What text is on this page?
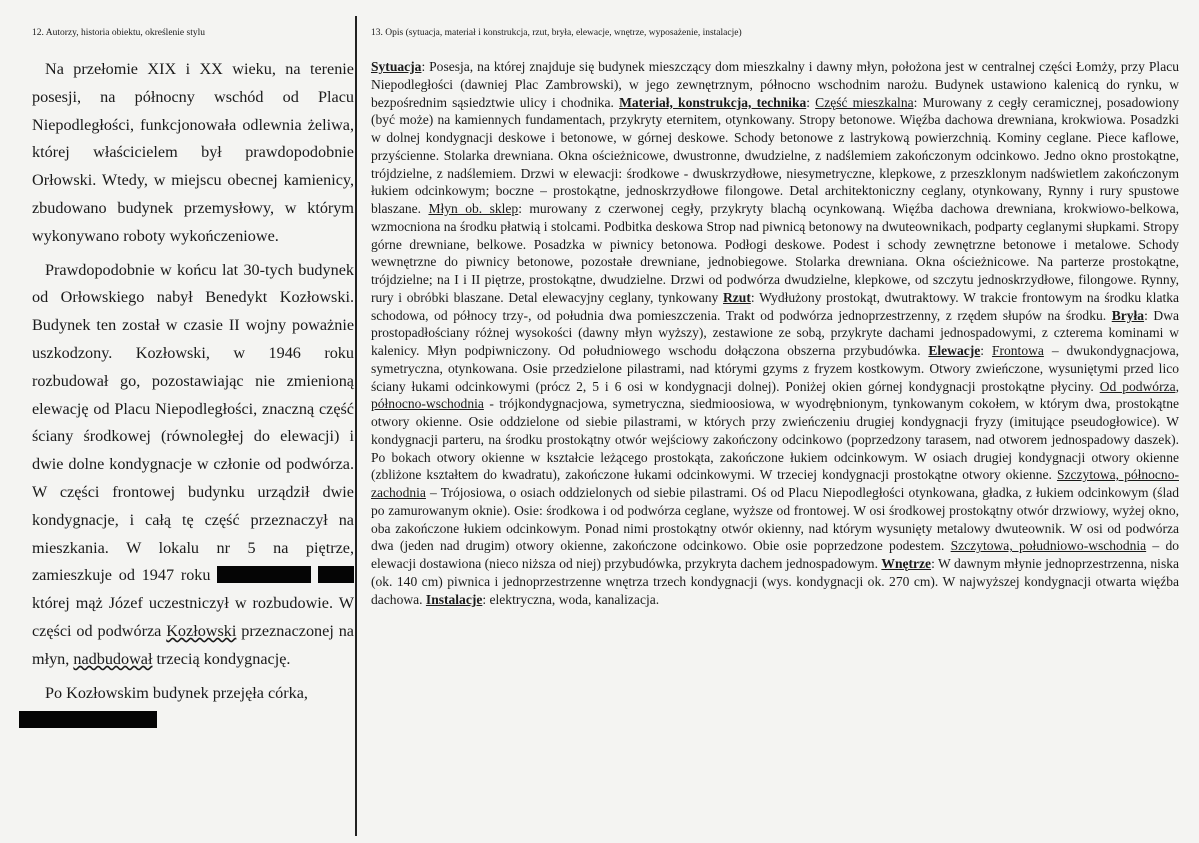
12. Autorzy, historia obiektu, określenie stylu	13. Opis (sytuacja, materiał i konstrukcja, rzut, bryła, elewacje, wnętrze, wyposażenie, instalacje)

Na przełomie XIX i XX wieku, na terenie posesji, na północny wschód od Placu Niepodległości, funkcjonowała odlewnia żeliwa, której właścicielem był prawdopodobnie Orłowski. Wtedy, w miejscu obecnej kamienicy, zbudowano budynek przemysłowy, w którym wykonywano roboty wykończeniowe.

Prawdopodobnie w końcu lat 30-tych budynek od Orłowskiego nabył Benedykt Kozłowski. Budynek ten został w czasie II wojny poważnie uszkodzony. Kozłowski, w 1946 roku rozbudował go, pozostawiając nie zmienioną elewację od Placu Niepodległości, znaczną część ściany środkowej (równoległej do elewacji) i dwie dolne kondygnacje w członie od podwórza. W części frontowej budynku urządził dwie kondygnacje, i całą tę część przeznaczył na mieszkania. W lokalu nr 5 na piętrze, zamieszkuje od 1947 roku   której mąż Józef uczestniczył w rozbudowie. W części od podwórza Kozłowski przeznaczonej na młyn, nadbudował trzecią kondygnację.

Po Kozłowskim budynek przejęła córka,

Sytuacja: Posesja, na której znajduje się budynek mieszczący dom mieszkalny i dawny młyn, położona jest w centralnej części Łomży, przy Placu Niepodległości (dawniej Plac Zambrowski), w jego zewnętrznym, północno wschodnim narożu. Budynek ustawiono kalenicą do rynku, w bezpośrednim sąsiedztwie ulicy i chodnika. Materiał, konstrukcja, technika: Część mieszkalna: Murowany z cegły ceramicznej, posadowiony (być może) na kamiennych fundamentach, przykryty eternitem, otynkowany. Stropy betonowe. Więźba dachowa drewniana, krokwiowa. Posadzki w dolnej kondygnacji deskowe i betonowe, w górnej deskowe. Schody betonowe z lastrykową powierzchnią. Kominy ceglane. Piece kaflowe, przyścienne. Stolarka drewniana. Okna ościeżnicowe, dwustronne, dwudzielne, z nadślemiem zakończonym odcinkowo. Jedno okno prostokątne, trójdzielne, z nadślemiem. Drzwi w elewacji: środkowe - dwuskrzydłowe, niesymetryczne, klepkowe, z przeszklonym nadświetlem zakończonym łukiem odcinkowym; boczne – prostokątne, jednoskrzydłowe filongowe. Detal architektoniczny ceglany, otynkowany, Rynny i rury spustowe blaszane. Młyn ob. sklep: murowany z czerwonej cegły, przykryty blachą ocynkowaną. Więźba dachowa drewniana, krokwiowo-belkowa, wzmocniona na środku płatwią i stolcami. Podbitka deskowa Strop nad piwnicą betonowy na dwuteownikach, podparty ceglanymi słupkami. Stropy górne drewniane, belkowe. Posadzka w piwnicy betonowa. Podłogi deskowe. Podest i schody zewnętrzne betonowe i metalowe. Schody wewnętrzne do piwnicy betonowe, pozostałe drewniane, jednobiegowe. Stolarka drewniana. Okna ościeżnicowe. Na parterze prostokątne, trójdzielne; na I i II piętrze, prostokątne, dwudzielne. Drzwi od podwórza dwudzielne, klepkowe, od szczytu jednoskrzydłowe, filongowe. Rynny, rury i obróbki blaszane. Detal elewacyjny ceglany, tynkowany Rzut: Wydłużony prostokąt, dwutraktowy. W trakcie frontowym na środku klatka schodowa, od północy trzy-, od południa dwa pomieszczenia. Trakt od podwórza jednoprzestrzenny, z rzędem słupów na środku. Bryła: Dwa prostopadłościany różnej wysokości (dawny młyn wyższy), zestawione ze sobą, przykryte dachami jednospadowymi, z czterema kominami w kalenicy. Młyn podpiwniczony. Od południowego wschodu dołączona obszerna przybudówka. Elewacje: Frontowa – dwukondygnacjowa, symetryczna, otynkowana. Osie przedzielone pilastrami, nad którymi gzyms z fryzem kostkowym. Otwory zwieńczone, wysuniętymi przed lico ściany łukami odcinkowymi (prócz 2, 5 i 6 osi w kondygnacji dolnej). Poniżej okien górnej kondygnacji prostokątne płyciny. Od podwórza, północno-wschodnia - trójkondygnacjowa, symetryczna, siedmioosiowa, w wyodrębnionym, tynkowanym cokołem, w którym dwa, prostokątne otwory okienne. Osie oddzielone od siebie pilastrami, w których przy zwieńczeniu drugiej kondygnacji fryzy (imitujące pseudogłowice). W kondygnacji parteru, na środku prostokątny otwór wejściowy zakończony odcinkowo (poprzedzony tarasem, nad otworem jednospadowy daszek). Po bokach otwory okienne w kształcie leżącego prostokąta, zakończone łukiem odcinkowym. W osiach drugiej kondygnacji otwory okienne (zbliżone kształtem do kwadratu), zakończone łukami odcinkowymi. W trzeciej kondygnacji prostokątne otwory okienne. Szczytowa, północno-zachodnia – Trójosiowa, o osiach oddzielonych od siebie pilastrami. Oś od Placu Niepodległości otynkowana, gładka, z łukiem odcinkowym (ślad po zamurowanym oknie). Osie: środkowa i od podwórza ceglane, wyższe od frontowej. W osi środkowej prostokątny otwór drzwiowy, wyżej okno, oba zakończone łukiem odcinkowym. Ponad nimi prostokątny otwór okienny, nad którym wysunięty metalowy dwuteownik. W osi od podwórza dwa (jeden nad drugim) otwory okienne, zakończone odcinkowo. Obie osie poprzedzone podestem. Szczytowa, południowo-wschodnia – do elewacji dostawiona (nieco niższa od niej) przybudówka, przykryta dachem jednospadowym. Wnętrze: W dawnym młynie jednoprzestrzenna, niska (ok. 140 cm) piwnica i jednoprzestrzenne wnętrza trzech kondygnacji (wys. kondygnacji ok. 270 cm). W najwyższej kondygnacji otwarta więźba dachowa. Instalacje: elektryczna, woda, kanalizacja.
